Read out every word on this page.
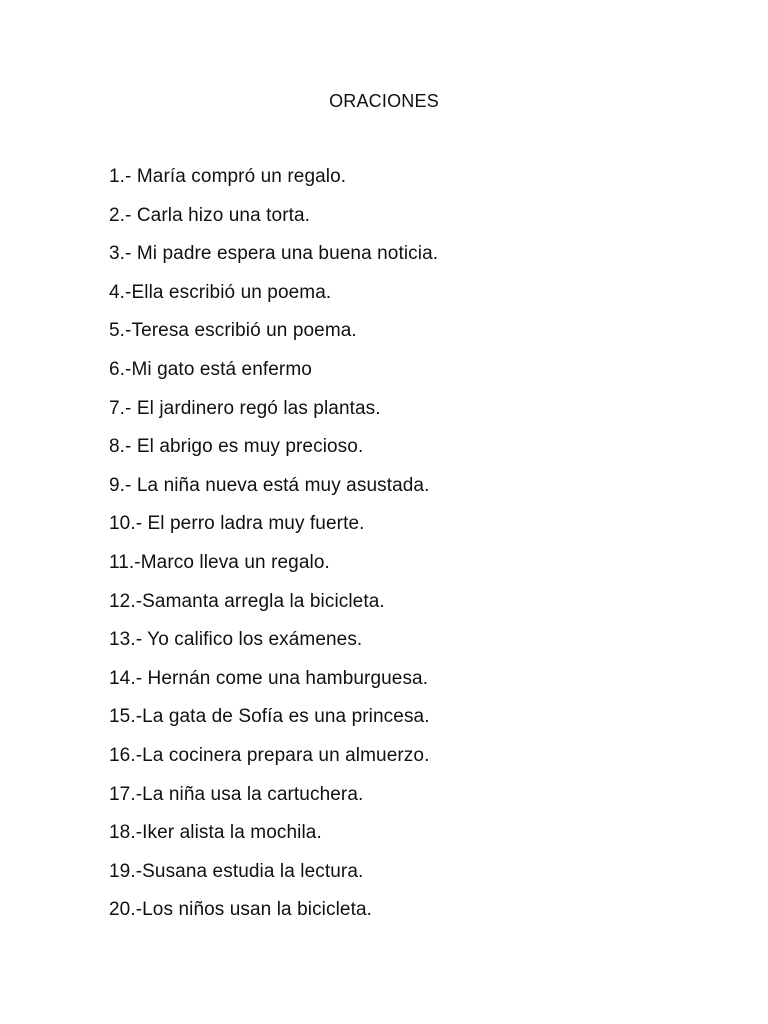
ORACIONES
1.- María compró un regalo.
2.- Carla hizo una torta.
3.- Mi padre espera una buena noticia.
4.-Ella escribió un poema.
5.-Teresa escribió un poema.
6.-Mi gato está enfermo
7.- El jardinero regó las plantas.
8.- El abrigo es muy precioso.
9.- La niña nueva está muy asustada.
10.- El perro ladra muy fuerte.
11.-Marco lleva un regalo.
12.-Samanta arregla la bicicleta.
13.- Yo califico los exámenes.
14.- Hernán come una hamburguesa.
15.-La gata de Sofía es una princesa.
16.-La cocinera prepara un almuerzo.
17.-La niña usa la cartuchera.
18.-Iker alista la mochila.
19.-Susana estudia la lectura.
20.-Los niños usan la bicicleta.
